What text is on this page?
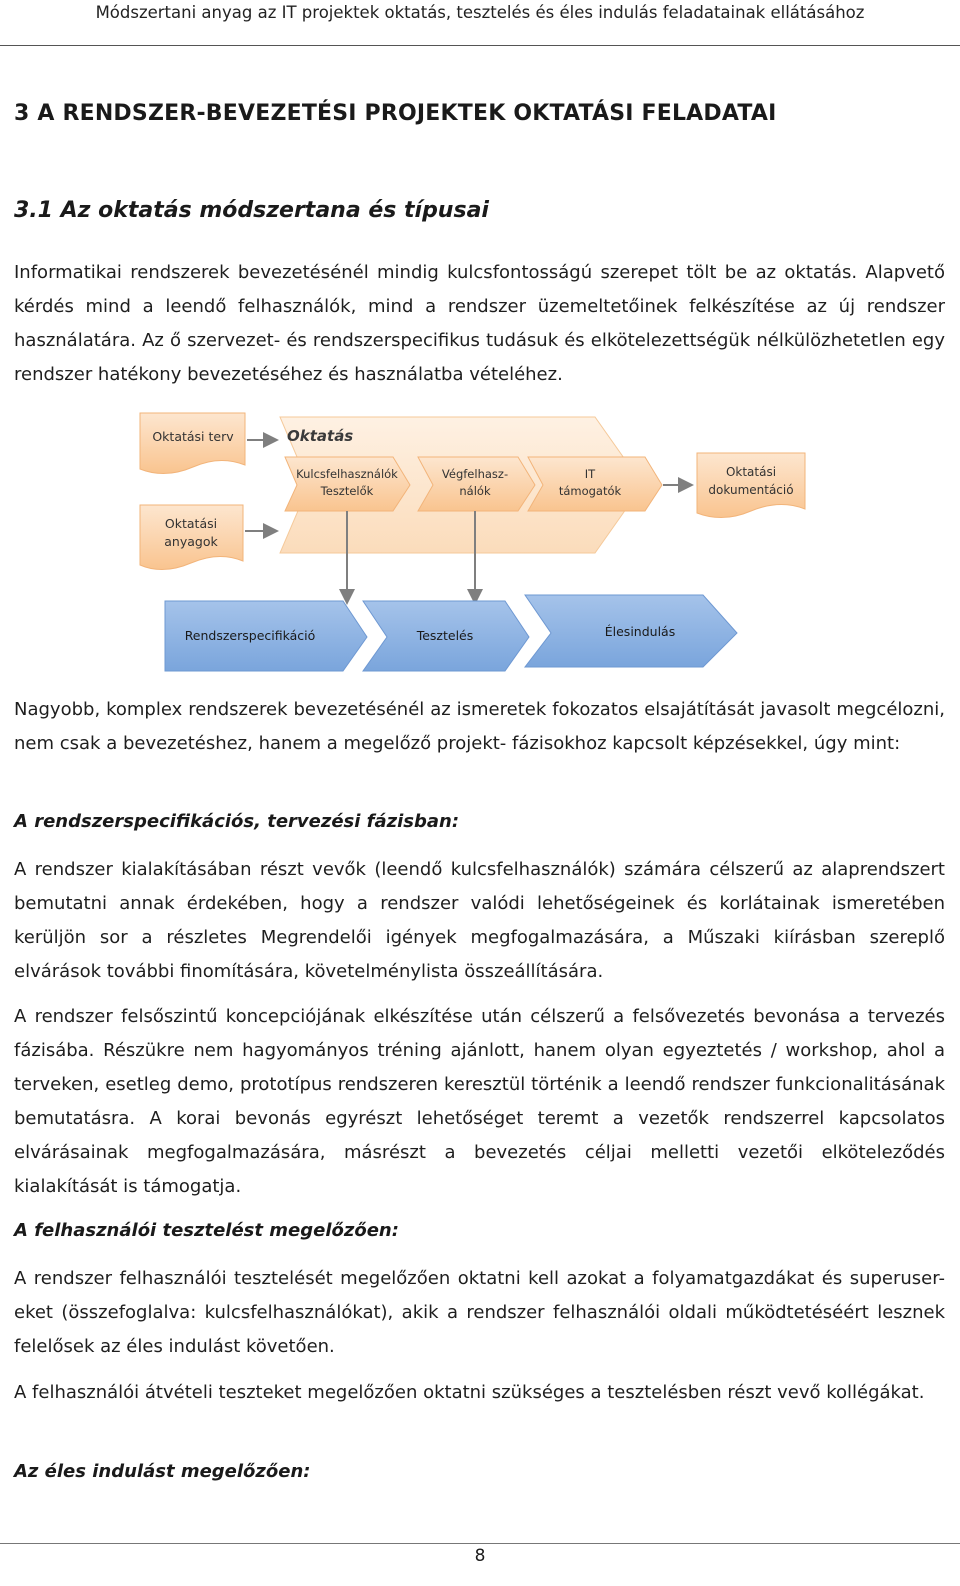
Módszertani anyag az IT projektek oktatás, tesztelés és éles indulás feladatainak ellátásához
3 A RENDSZER-BEVEZETÉSI PROJEKTEK OKTATÁSI FELADATAI
3.1 Az oktatás módszertana és típusai
Informatikai rendszerek bevezetésénél mindig kulcsfontosságú szerepet tölt be az oktatás. Alapvető kérdés mind a leendő felhasználók, mind a rendszer üzemeltetőinek felkészítése az új rendszer használatára. Az ő szervezet- és rendszerspecifikus tudásuk és elkötelezettségük nélkülözhetetlen egy rendszer hatékony bevezetéséhez és használatba vételéhez.
Oktatási terv	Oktatás
Kulcsfelhasználók
Tesztelők
Végfelhasz-
nálók
IT
támogatók
Oktatási
dokumentáció
Oktatási
anyagok
Rendszerspecifikáció	Tesztelés	Élesindulás
Nagyobb, komplex rendszerek bevezetésénél az ismeretek fokozatos elsajátítását javasolt megcélozni, nem csak a bevezetéshez, hanem a megelőző projekt- fázisokhoz kapcsolt képzésekkel, úgy mint:
A rendszerspecifikációs, tervezési fázisban:
A rendszer kialakításában részt vevők (leendő kulcsfelhasználók) számára célszerű az alaprendszert bemutatni annak érdekében, hogy a rendszer valódi lehetőségeinek és korlátainak ismeretében kerüljön sor a részletes Megrendelői igények megfogalmazására, a Műszaki kiírásban szereplő elvárások további finomítására, követelménylista összeállítására.
A rendszer felsőszintű koncepciójának elkészítése után célszerű a felsővezetés bevonása a tervezés fázisába. Részükre nem hagyományos tréning ajánlott, hanem olyan egyeztetés / workshop, ahol a terveken, esetleg demo, prototípus rendszeren keresztül történik a leendő rendszer funkcionalitásának bemutatásra. A korai bevonás egyrészt lehetőséget teremt a vezetők rendszerrel kapcsolatos elvárásainak megfogalmazására, másrészt a bevezetés céljai melletti vezetői elköteleződés kialakítását is támogatja.
A felhasználói tesztelést megelőzően:
A rendszer felhasználói tesztelését megelőzően oktatni kell azokat a folyamatgazdákat és superuser-eket (összefoglalva: kulcsfelhasználókat), akik a rendszer felhasználói oldali működtetéséért lesznek felelősek az éles indulást követően.
A felhasználói átvételi teszteket megelőzően oktatni szükséges a tesztelésben részt vevő kollégákat.
Az éles indulást megelőzően:
8
